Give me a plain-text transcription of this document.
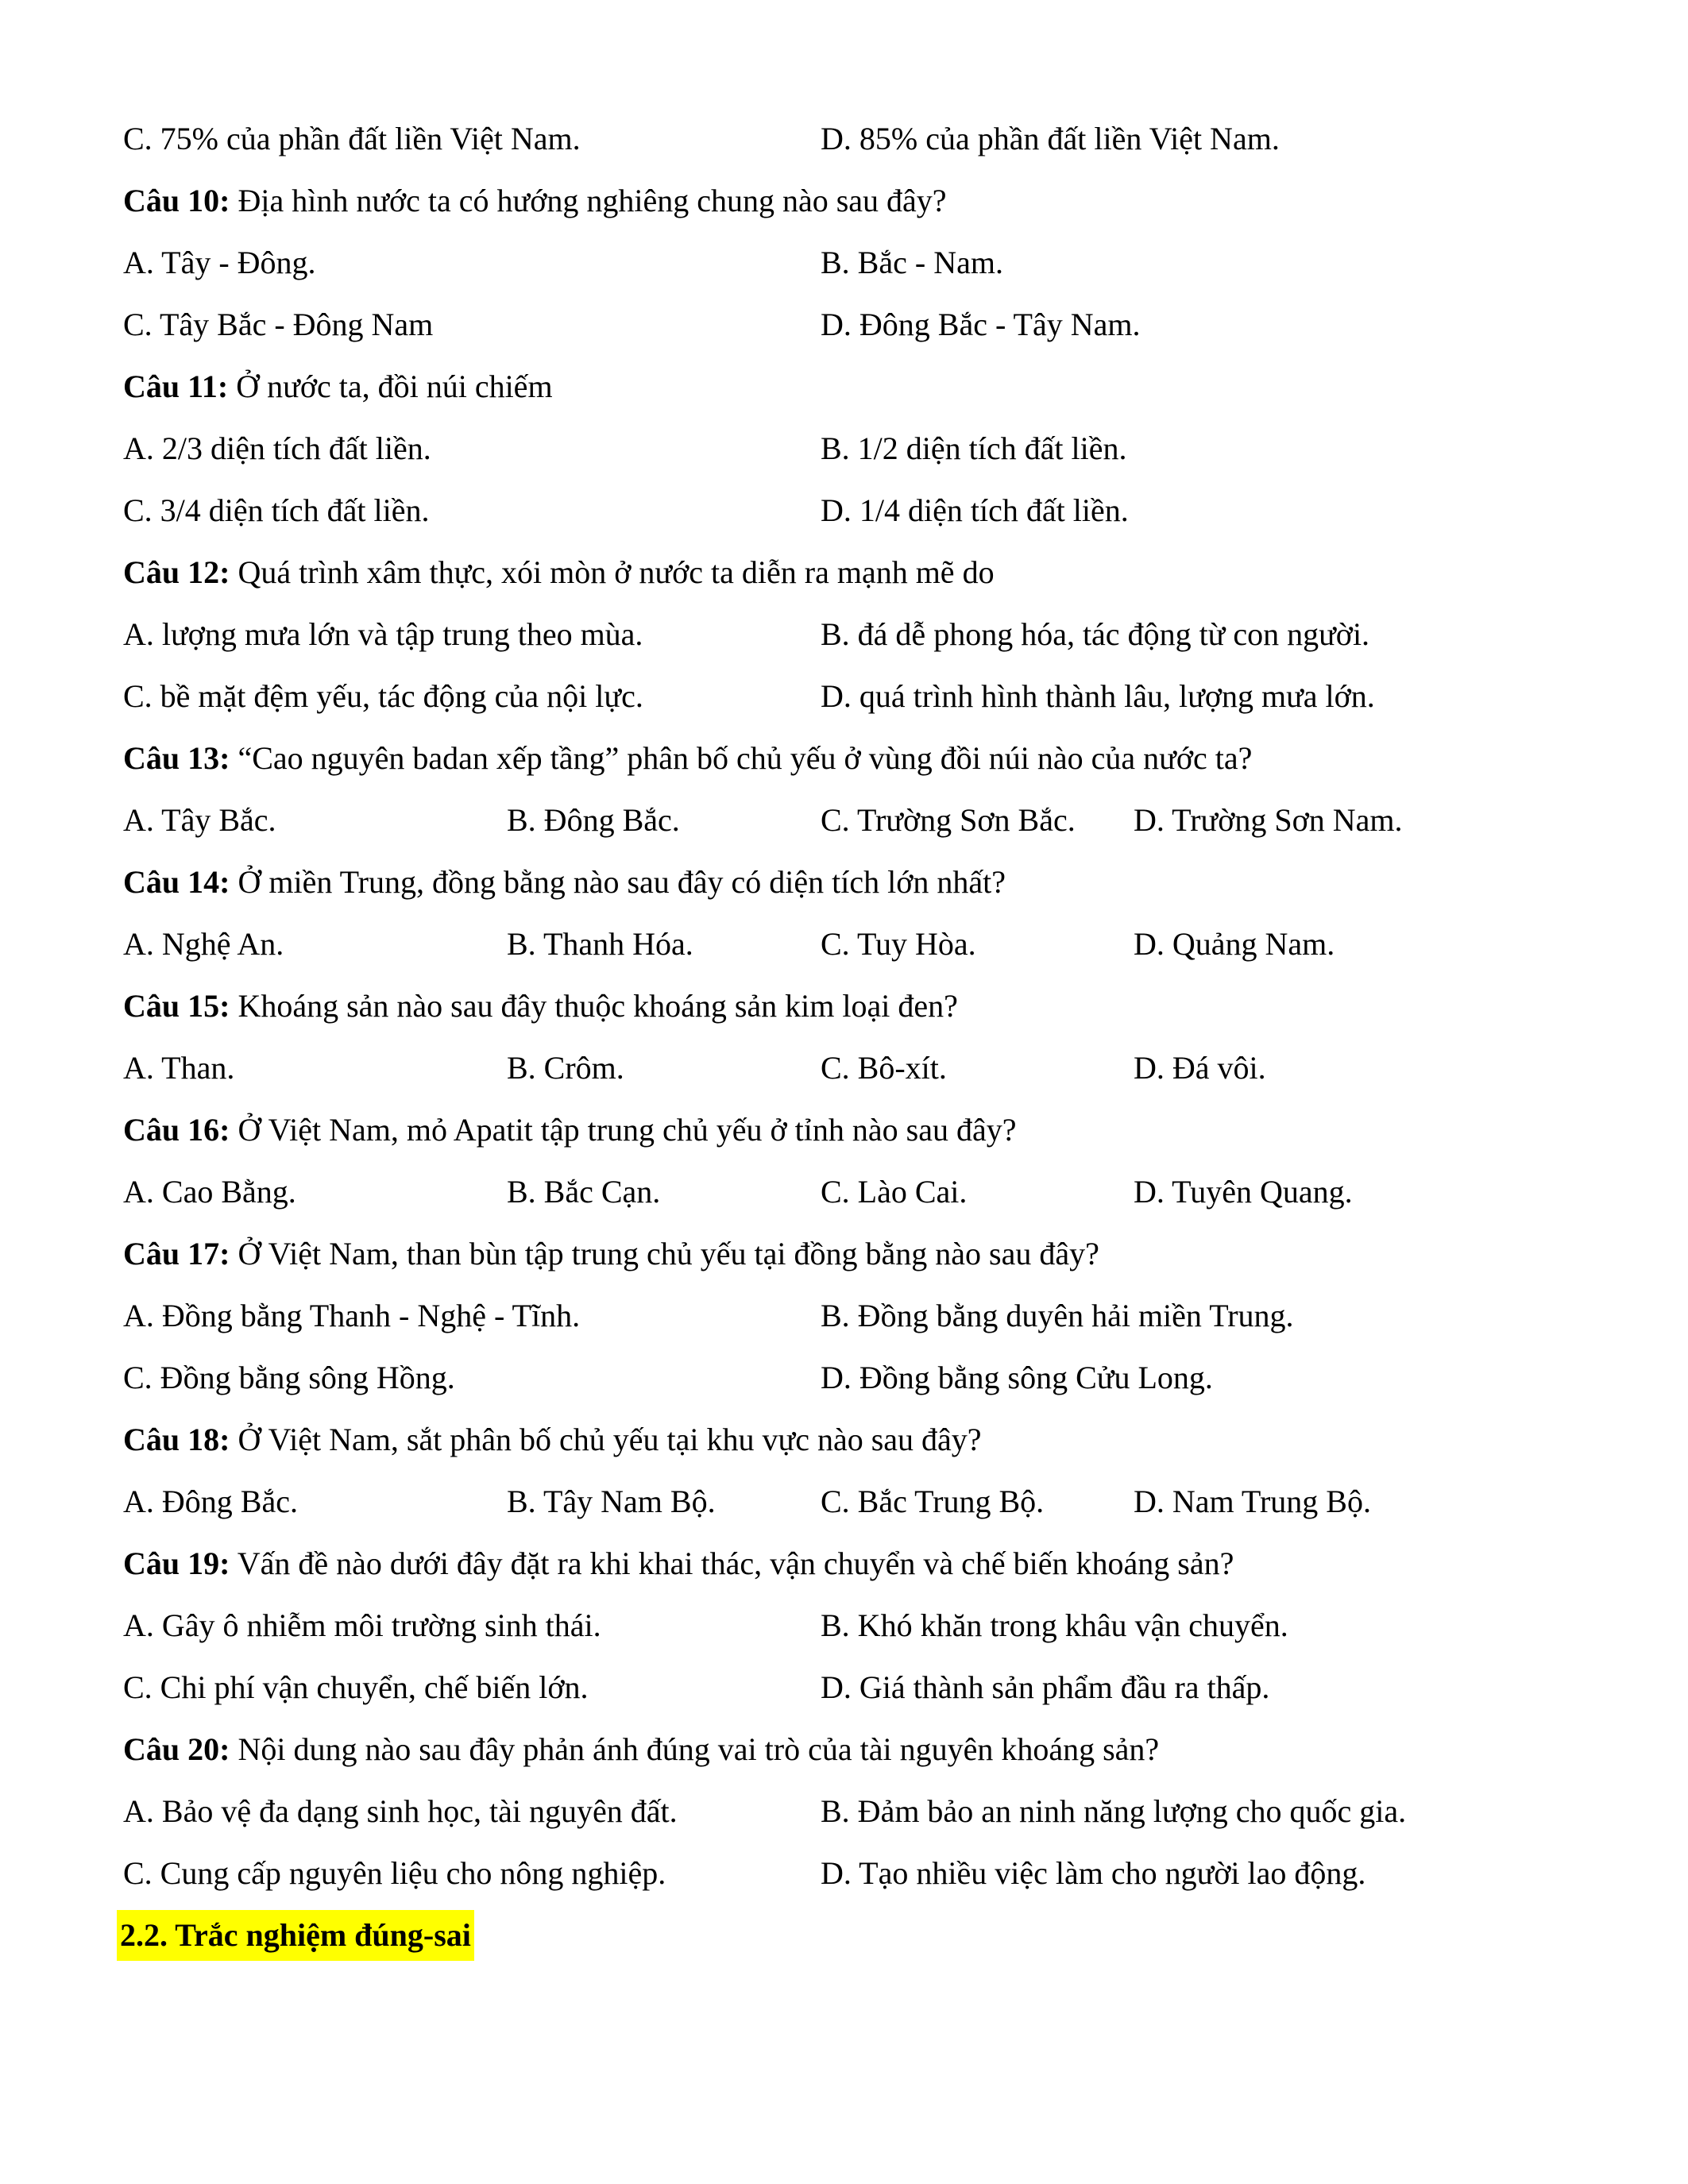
C. 75% của phần đất liền Việt Nam.	D. 85% của phần đất liền Việt Nam.
Câu 10: Địa hình nước ta có hướng nghiêng chung nào sau đây?
A. Tây - Đông.	B. Bắc - Nam.
C. Tây Bắc - Đông Nam	D. Đông Bắc - Tây Nam.
Câu 11: Ở nước ta, đồi núi chiếm
A. 2/3 diện tích đất liền.	B. 1/2 diện tích đất liền.
C. 3/4 diện tích đất liền.	D. 1/4 diện tích đất liền.
Câu 12: Quá trình xâm thực, xói mòn ở nước ta diễn ra mạnh mẽ do
A. lượng mưa lớn và tập trung theo mùa.	B. đá dễ phong hóa, tác động từ con người.
C. bề mặt đệm yếu, tác động của nội lực.	D. quá trình hình thành lâu, lượng mưa lớn.
Câu 13: “Cao nguyên badan xếp tầng” phân bố chủ yếu ở vùng đồi núi nào của nước ta?
A. Tây Bắc.	B. Đông Bắc.	C. Trường Sơn Bắc. D. Trường Sơn Nam.
Câu 14: Ở miền Trung, đồng bằng nào sau đây có diện tích lớn nhất?
A. Nghệ An.	B. Thanh Hóa.	C. Tuy Hòa.	D. Quảng Nam.
Câu 15: Khoáng sản nào sau đây thuộc khoáng sản kim loại đen?
A. Than.	B. Crôm.	C. Bô-xít.	D. Đá vôi.
Câu 16: Ở Việt Nam, mỏ Apatit tập trung chủ yếu ở tỉnh nào sau đây?
A. Cao Bằng.	B. Bắc Cạn.	C. Lào Cai.	D. Tuyên Quang.
Câu 17: Ở Việt Nam, than bùn tập trung chủ yếu tại đồng bằng nào sau đây?
A. Đồng bằng Thanh - Nghệ - Tĩnh.	B. Đồng bằng duyên hải miền Trung.
C. Đồng bằng sông Hồng.	D. Đồng bằng sông Cửu Long.
Câu 18: Ở Việt Nam, sắt phân bố chủ yếu tại khu vực nào sau đây?
A. Đông Bắc.	B. Tây Nam Bộ.	C. Bắc Trung Bộ.	D. Nam Trung Bộ.
Câu 19: Vấn đề nào dưới đây đặt ra khi khai thác, vận chuyển và chế biến khoáng sản?
A. Gây ô nhiễm môi trường sinh thái.	B. Khó khăn trong khâu vận chuyển.
C. Chi phí vận chuyển, chế biến lớn.	D. Giá thành sản phẩm đầu ra thấp.
Câu 20: Nội dung nào sau đây phản ánh đúng vai trò của tài nguyên khoáng sản?
A. Bảo vệ đa dạng sinh học, tài nguyên đất.	B. Đảm bảo an ninh năng lượng cho quốc gia.
C. Cung cấp nguyên liệu cho nông nghiệp.	D. Tạo nhiều việc làm cho người lao động.
2.2. Trắc nghiệm đúng-sai
